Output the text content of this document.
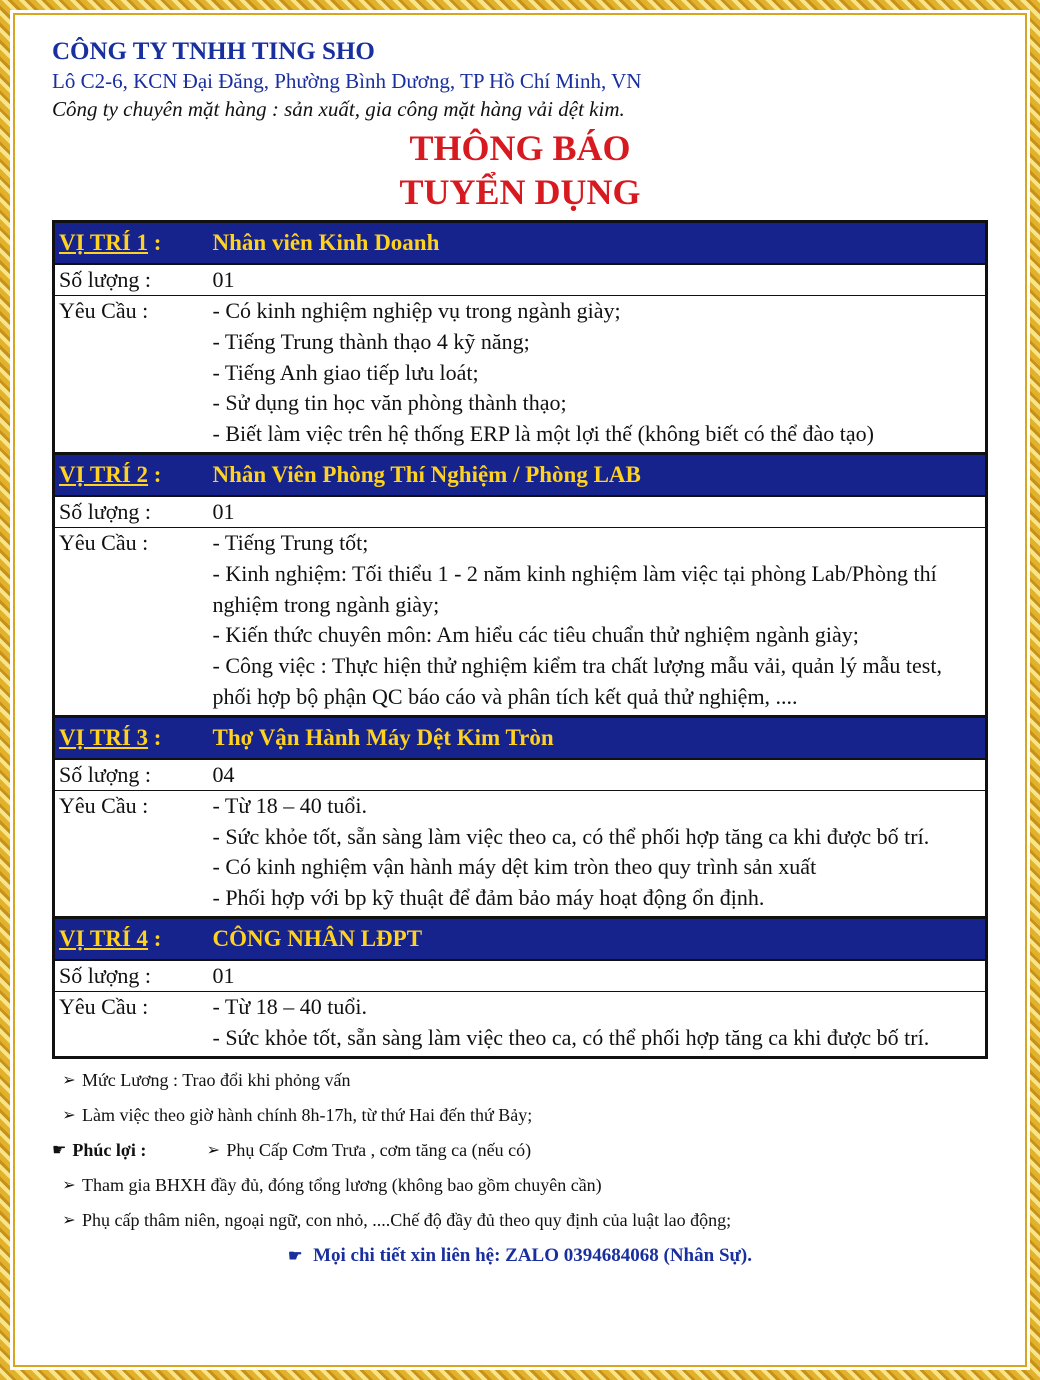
CÔNG TY TNHH TING SHO
Lô C2-6, KCN Đại Đăng, Phường Bình Dương, TP Hồ Chí Minh, VN
Công ty chuyên mặt hàng : sản xuất, gia công mặt hàng vải dệt kim.
THÔNG BÁO
TUYỂN DỤNG
VỊ TRÍ 1 :	Nhân viên Kinh Doanh
Số lượng :	01
Yêu Cầu :	- Có kinh nghiệm nghiệp vụ trong ngành giày;
- Tiếng Trung thành thạo 4 kỹ năng;
- Tiếng Anh giao tiếp lưu loát;
- Sử dụng tin học văn phòng thành thạo;
- Biết làm việc trên hệ thống ERP là một lợi thế (không biết có thể đào tạo)

VỊ TRÍ 2 :	Nhân Viên Phòng Thí Nghiệm / Phòng LAB
Số lượng :	01
Yêu Cầu :	- Tiếng Trung tốt;
- Kinh nghiệm: Tối thiểu 1 - 2 năm kinh nghiệm làm việc tại phòng Lab/Phòng thí nghiệm trong ngành giày;
- Kiến thức chuyên môn: Am hiểu các tiêu chuẩn thử nghiệm ngành giày;
- Công việc : Thực hiện thử nghiệm kiểm tra chất lượng mẫu vải, quản lý mẫu test, phối hợp bộ phận QC báo cáo và phân tích kết quả thử nghiệm, ....

VỊ TRÍ 3 :	Thợ Vận Hành Máy Dệt Kim Tròn
Số lượng :	04
Yêu Cầu :	- Từ 18 – 40 tuổi.
- Sức khỏe tốt, sẵn sàng làm việc theo ca, có thể phối hợp tăng ca khi được bố trí.
- Có kinh nghiệm vận hành máy dệt kim tròn theo quy trình sản xuất
- Phối hợp với bp kỹ thuật để đảm bảo máy hoạt động ổn định.

VỊ TRÍ 4 :	CÔNG NHÂN LĐPT
Số lượng :	01
Yêu Cầu :	- Từ 18 – 40 tuổi.
- Sức khỏe tốt, sẵn sàng làm việc theo ca, có thể phối hợp tăng ca khi được bố trí.
➢ Mức Lương : Trao đổi khi phỏng vấn
➢ Làm việc theo giờ hành chính 8h-17h, từ thứ Hai đến thứ Bảy;
☛ Phúc lợi :	➢ Phụ Cấp Cơm Trưa , cơm tăng ca (nếu có)
➢ Tham gia BHXH đầy đủ, đóng tổng lương (không bao gồm chuyên cần)
➢ Phụ cấp thâm niên, ngoại ngữ, con nhỏ, ....Chế độ đầy đủ theo quy định của luật lao động;
☛ Mọi chi tiết xin liên hệ: ZALO 0394684068 (Nhân Sự).
